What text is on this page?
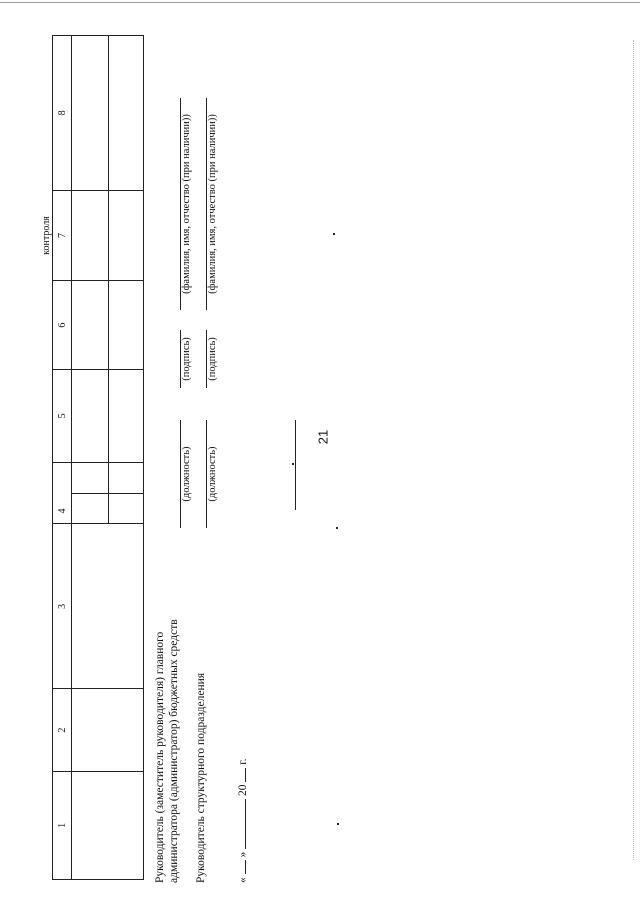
21
							контроля	
1	2	3	4		5	6	7	8

Руководитель (заместитель руководителя) главного администратора (администратор) бюджетных средств
(должность)
(подпись)
(фамилия, имя, отчество (при наличии))
Руководитель структурного подразделения
(должность)
(подпись)
(фамилия, имя, отчество (при наличии))
«  »  20  г.
